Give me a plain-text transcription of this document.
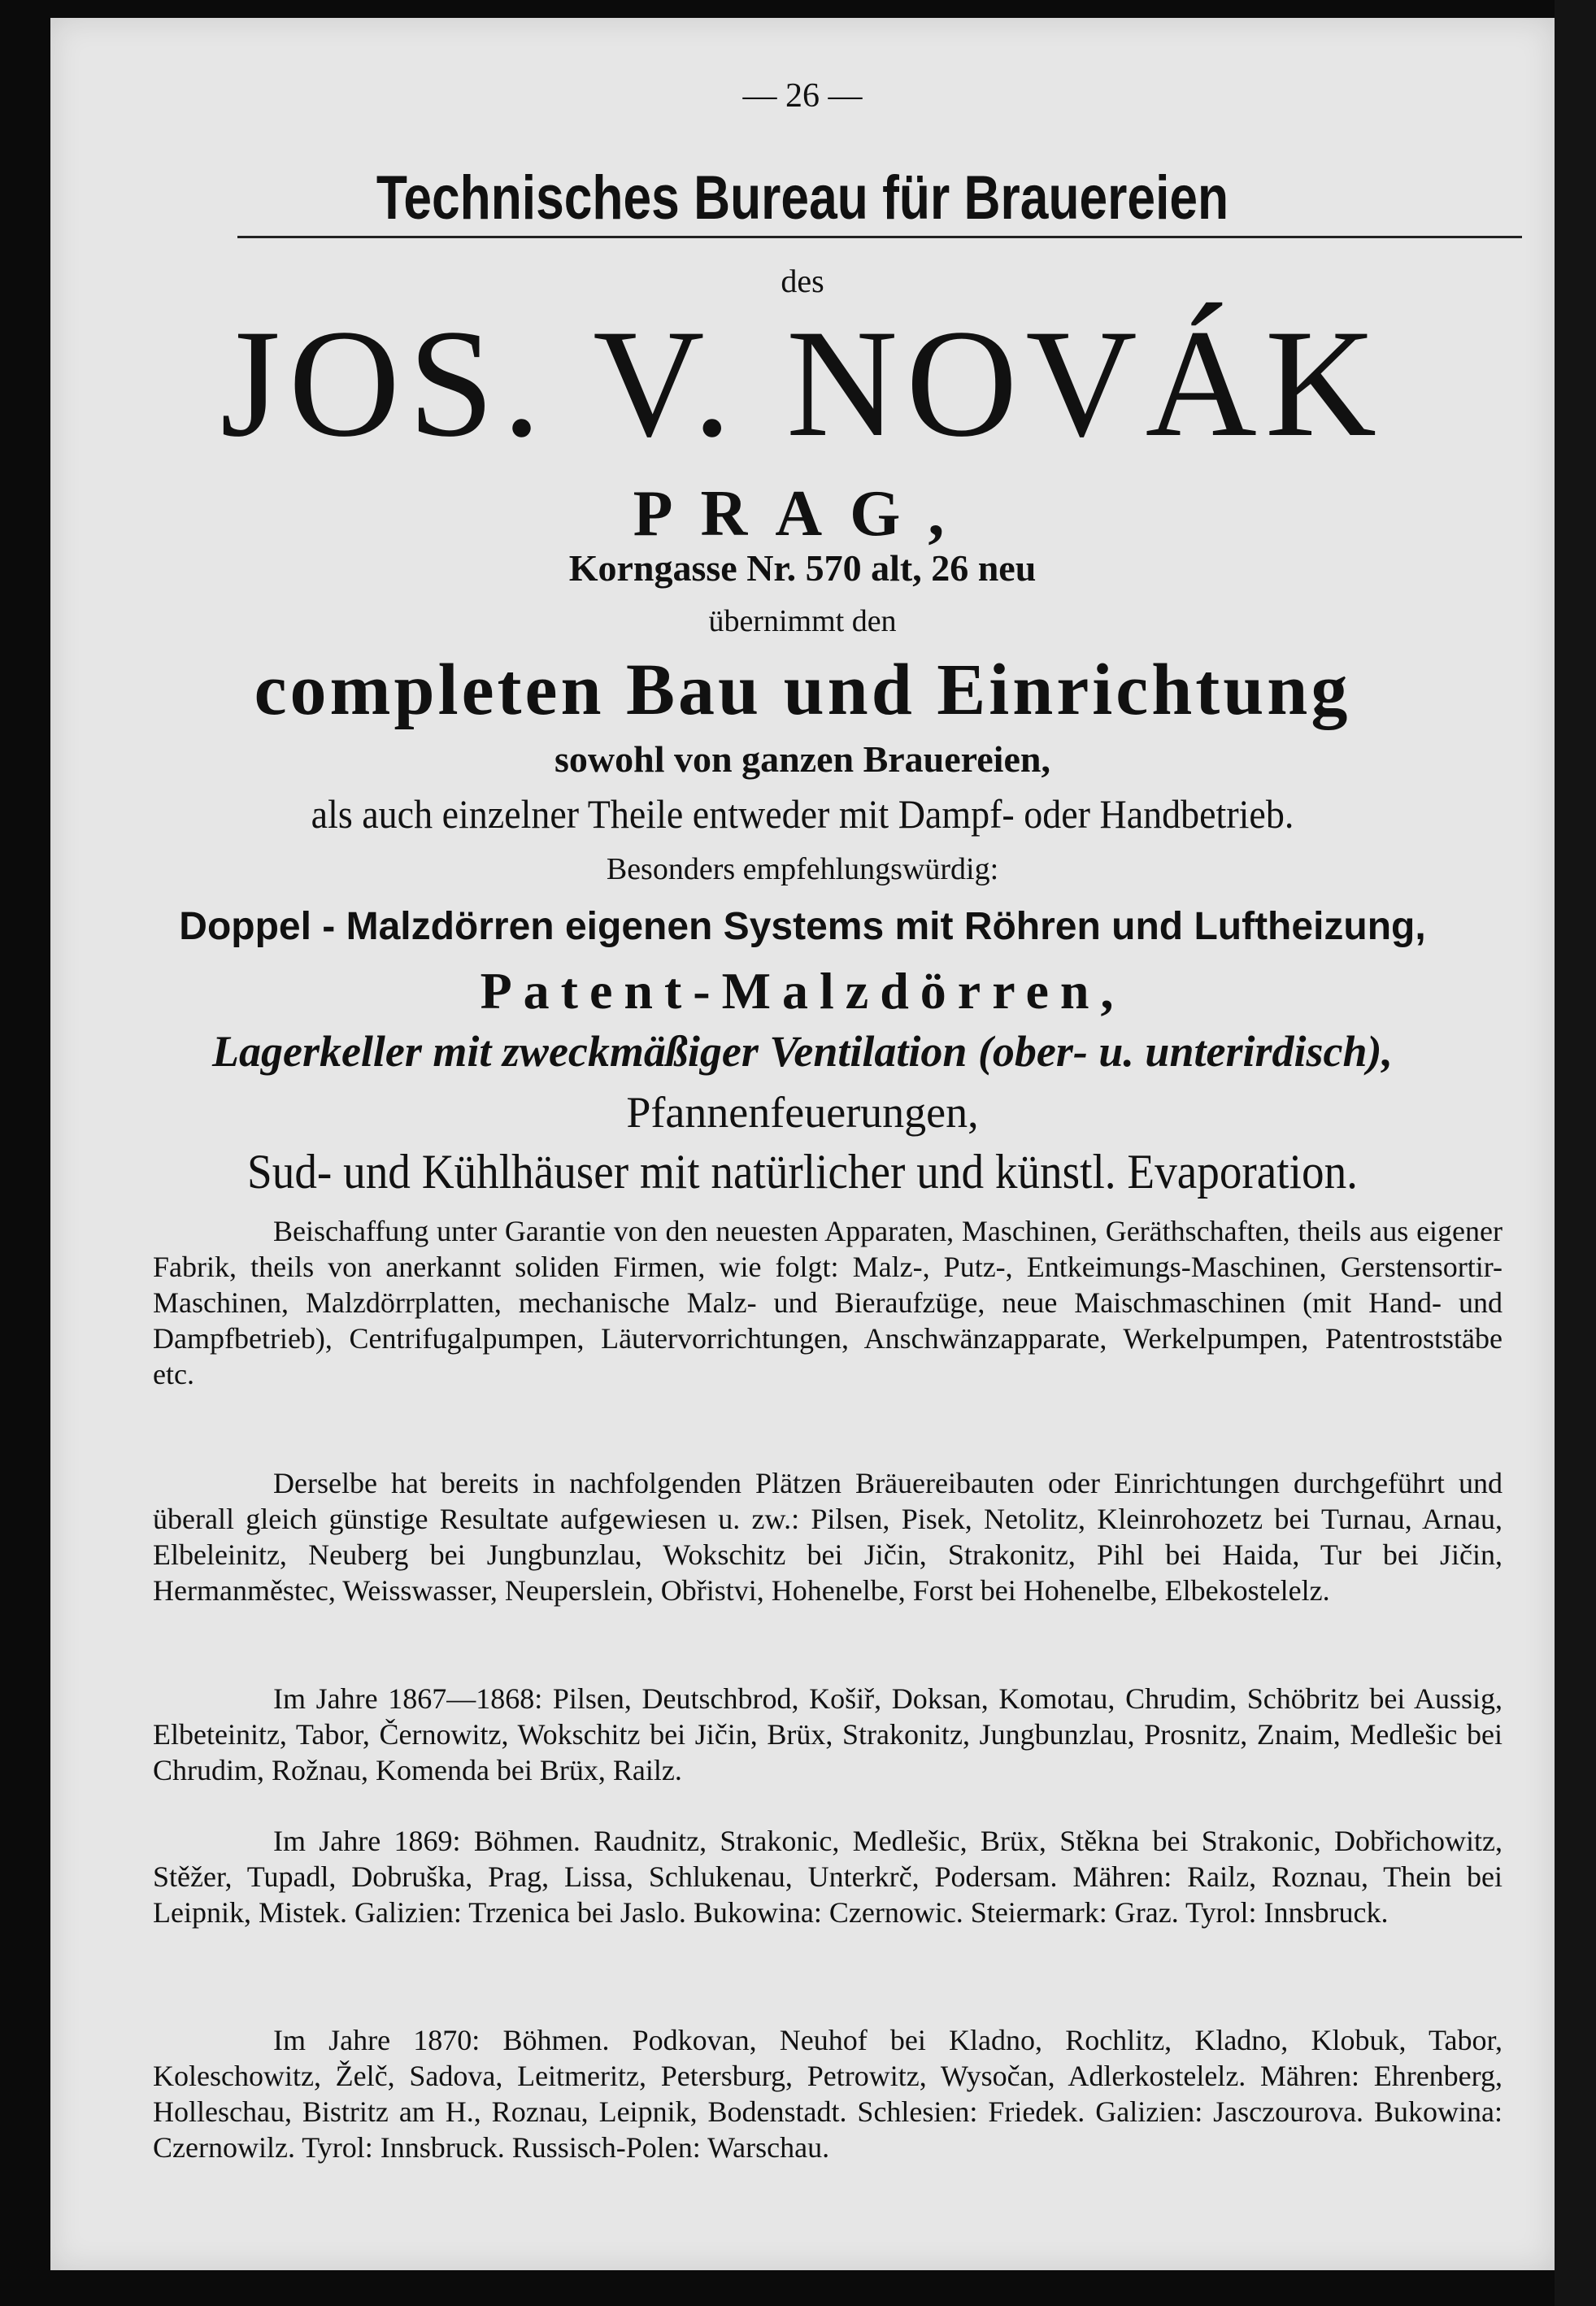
— 26 —
Technisches Bureau für Brauereien
des
JOS. V. NOVÁK
PRAG,
Korngasse Nr. 570 alt, 26 neu
übernimmt den
completen Bau und Einrichtung
sowohl von ganzen Brauereien,
als auch einzelner Theile entweder mit Dampf- oder Handbetrieb.
Besonders empfehlungswürdig:
Doppel - Malzdörren eigenen Systems mit Röhren und Luftheizung,
Patent-Malzdörren,
Lagerkeller mit zweckmäßiger Ventilation (ober- u. unterirdisch),
Pfannenfeuerungen,
Sud- und Kühlhäuser mit natürlicher und künstl. Evaporation.
Beischaffung unter Garantie von den neuesten Apparaten, Maschinen, Geräthschaften, theils aus eigener Fabrik, theils von anerkannt soliden Firmen, wie folgt: Malz-, Putz-, Entkeimungs-Maschinen, Gerstensortir-Maschinen, Malzdörrplatten, mechanische Malz- und Bieraufzüge, neue Maischmaschinen (mit Hand- und Dampfbetrieb), Centrifugalpumpen, Läutervorrichtungen, Anschwänzapparate, Werkelpumpen, Patentroststäbe etc.
Derselbe hat bereits in nachfolgenden Plätzen Bräuereibauten oder Einrichtungen durchgeführt und überall gleich günstige Resultate aufgewiesen u. zw.: Pilsen, Pisek, Netolitz, Kleinrohozetz bei Turnau, Arnau, Elbeleinitz, Neuberg bei Jungbunzlau, Wokschitz bei Jičin, Strakonitz, Pihl bei Haida, Tur bei Jičin, Hermanměstec, Weisswasser, Neuperslein, Obřistvi, Hohenelbe, Forst bei Hohenelbe, Elbekostelelz.
Im Jahre 1867—1868: Pilsen, Deutschbrod, Košiř, Doksan, Komotau, Chrudim, Schöbritz bei Aussig, Elbeteinitz, Tabor, Černowitz, Wokschitz bei Jičin, Brüx, Strakonitz, Jungbunzlau, Prosnitz, Znaim, Medlešic bei Chrudim, Rožnau, Komenda bei Brüx, Railz.
Im Jahre 1869: Böhmen. Raudnitz, Strakonic, Medlešic, Brüx, Stěkna bei Strakonic, Dobřichowitz, Stěžer, Tupadl, Dobruška, Prag, Lissa, Schlukenau, Unterkrč, Podersam. Mähren: Railz, Roznau, Thein bei Leipnik, Mistek. Galizien: Trzenica bei Jaslo. Bukowina: Czernowic. Steiermark: Graz. Tyrol: Innsbruck.
Im Jahre 1870: Böhmen. Podkovan, Neuhof bei Kladno, Rochlitz, Kladno, Klobuk, Tabor, Koleschowitz, Želč, Sadova, Leitmeritz, Petersburg, Petrowitz, Wysočan, Adlerkostelelz. Mähren: Ehrenberg, Holleschau, Bistritz am H., Roznau, Leipnik, Bodenstadt. Schlesien: Friedek. Galizien: Jasczourova. Bukowina: Czernowilz. Tyrol: Innsbruck. Russisch-Polen: Warschau.
